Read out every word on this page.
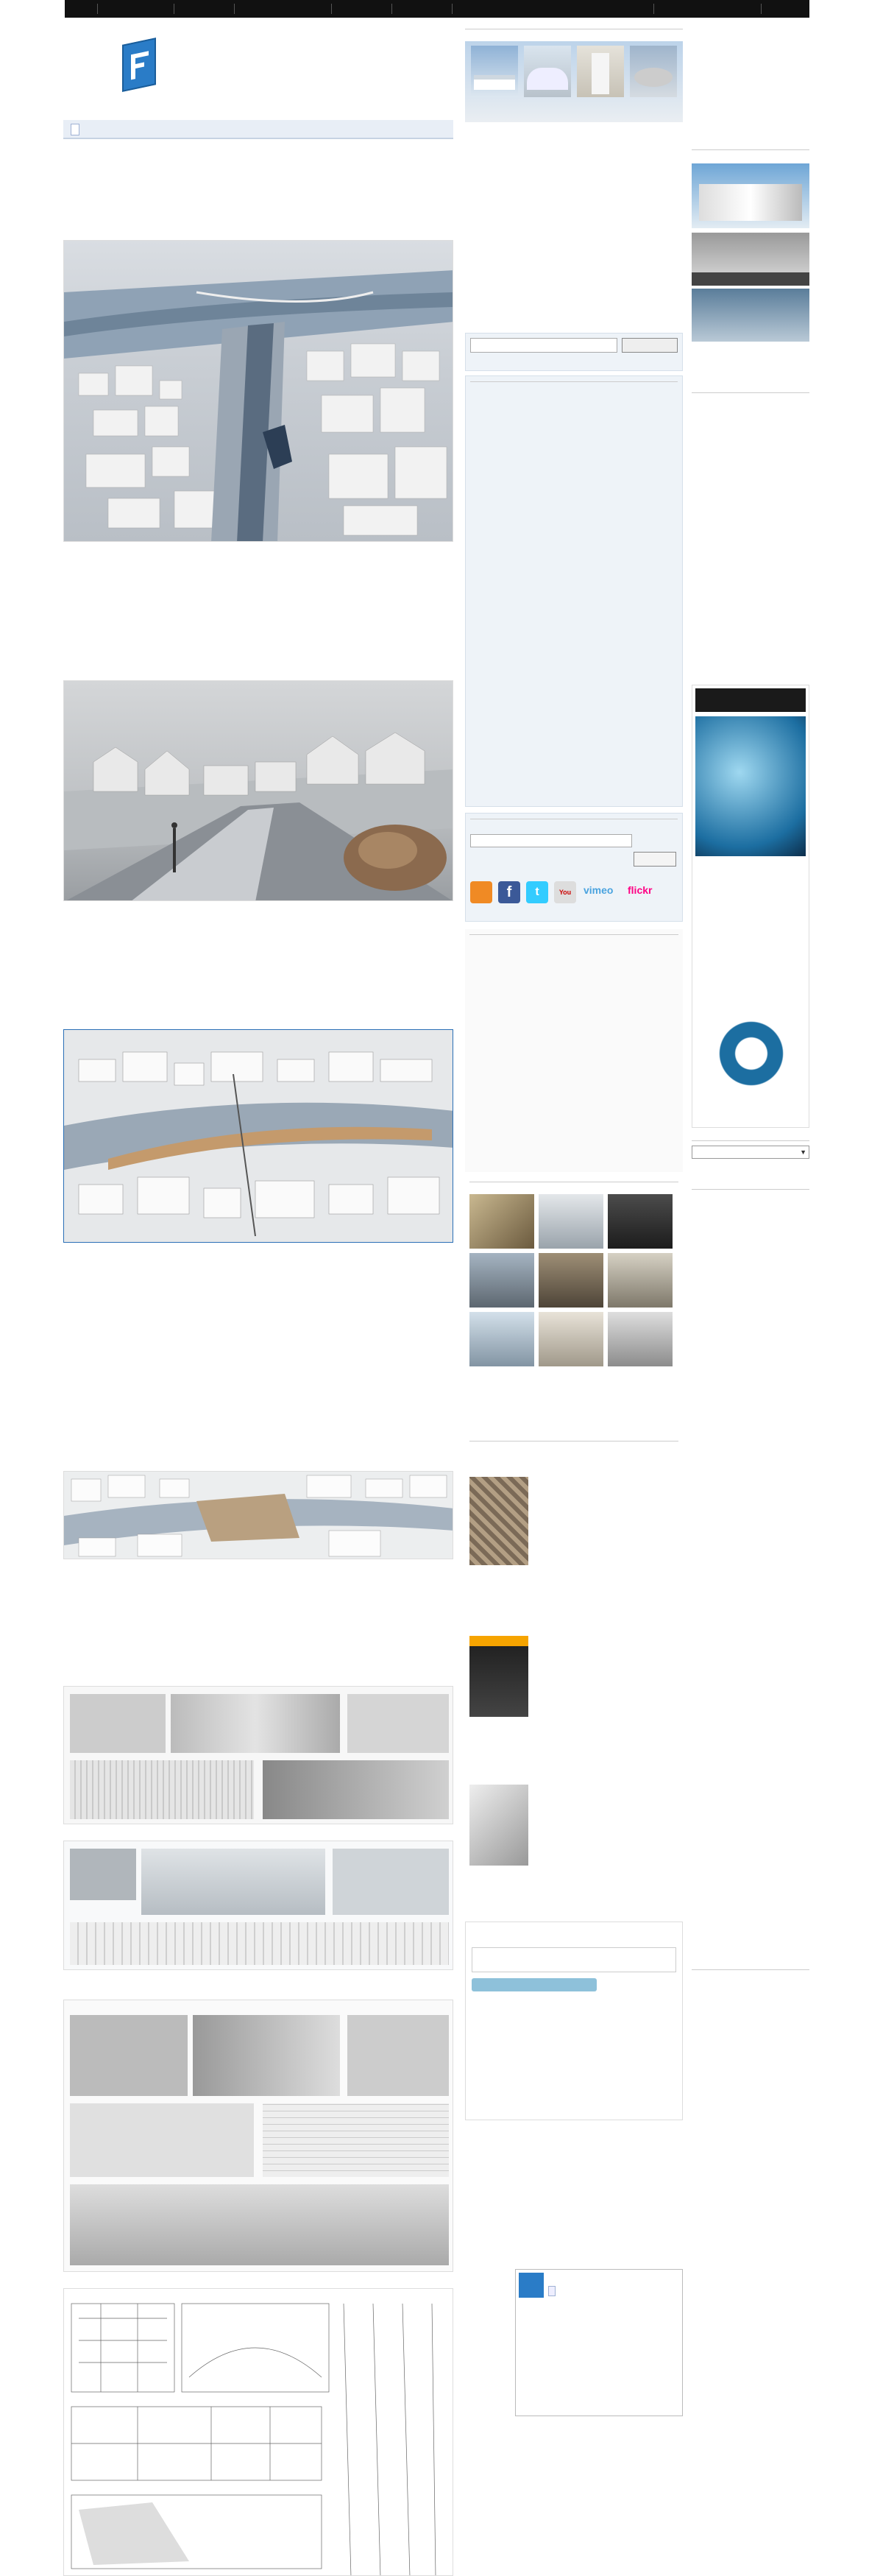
f	t	You	vimeo	flickr
▼
